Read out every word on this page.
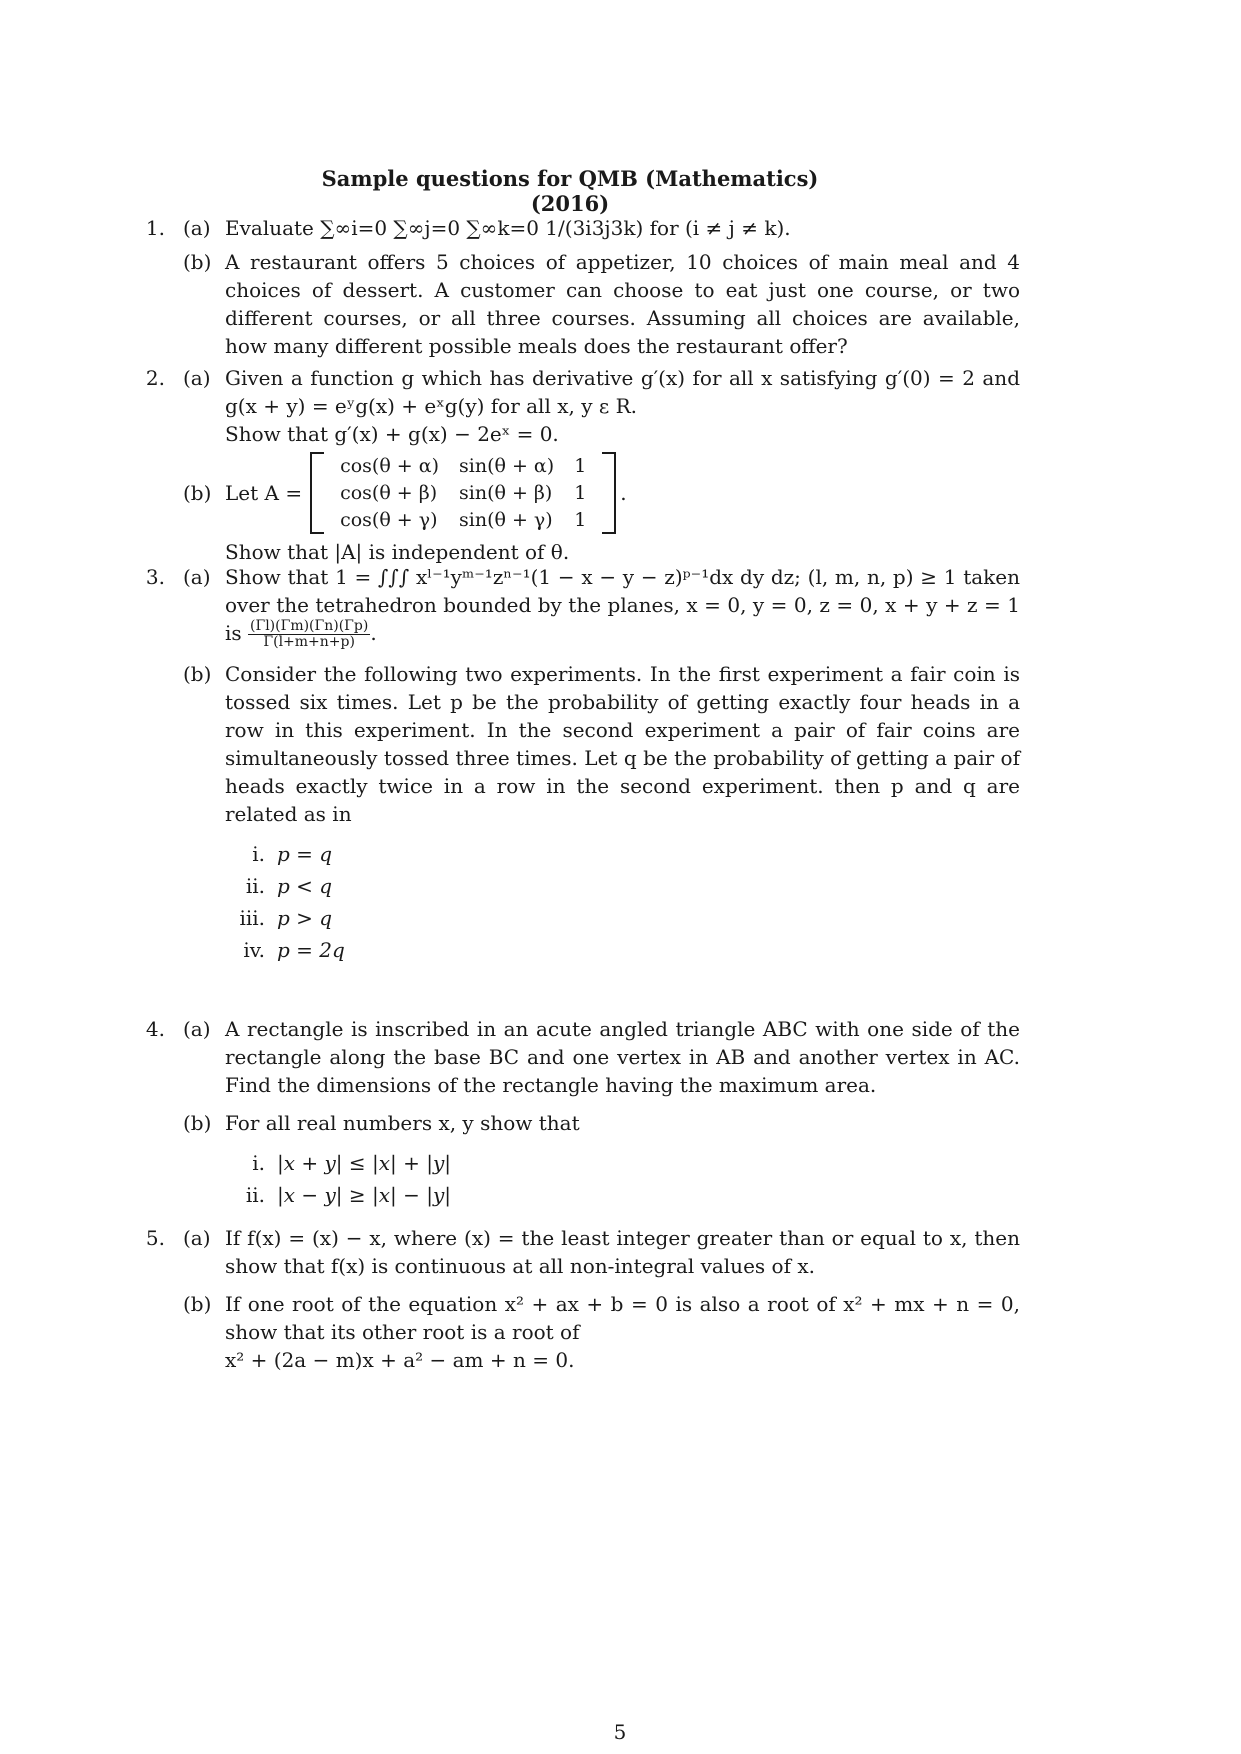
Sample questions for QMB (Mathematics)(2016)
1. (a) Evaluate ∑∞i=0 ∑∞j=0 ∑∞k=0 1/(3i3j3k) for (i ≠ j ≠ k).
(b) A restaurant offers 5 choices of appetizer, 10 choices of main meal and 4 choices of dessert. A customer can choose to eat just one course, or two different courses, or all three courses. Assuming all choices are available, how many different possible meals does the restaurant offer?
2. (a) Given a function g which has derivative g′(x) for all x satisfying g′(0) = 2 and g(x + y) = eʸg(x) + eˣg(y) for all x, y ε R.
Show that g′(x) + g(x) − 2eˣ = 0.
(b) Let A =
cos(θ + α)	sin(θ + α)	1
cos(θ + β)	sin(θ + β)	1
cos(θ + γ)	sin(θ + γ)	1
.
Show that |A| is independent of θ.
3. (a) Show that 1 = ∫∫∫ xˡ⁻¹yᵐ⁻¹zⁿ⁻¹(1 − x − y − z)ᵖ⁻¹dx dy dz; (l, m, n, p) ≥ 1 taken over the tetrahedron bounded by the planes, x = 0, y = 0, z = 0, x + y + z = 1 is $\frac{(\Gamma l)(\Gamma m)(\Gamma n)(\Gamma p)}{\Gamma(l+m+n+p)}$ .
(b) Consider the following two experiments. In the first experiment a fair coin is tossed six times. Let p be the probability of getting exactly four heads in a row in this experiment. In the second experiment a pair of fair coins are simultaneously tossed three times. Let q be the probability of getting a pair of heads exactly twice in a row in the second experiment. then p and q are related as in
i. p = q
ii. p < q
iii. p > q
iv. p = 2q
4. (a) A rectangle is inscribed in an acute angled triangle ABC with one side of the rectangle along the base BC and one vertex in AB and another vertex in AC. Find the dimensions of the rectangle having the maximum area.
(b) For all real numbers x, y show that
i. |x + y| ≤ |x| + |y|
ii. |x − y| ≥ |x| − |y|
5. (a) If f(x) = (x) − x, where (x) = the least integer greater than or equal to x, then show that f(x) is continuous at all non-integral values of x.
(b) If one root of the equation x² + ax + b = 0 is also a root of x² + mx + n = 0, show that its other root is a root of
x² + (2a − m)x + a² − am + n = 0.
5
